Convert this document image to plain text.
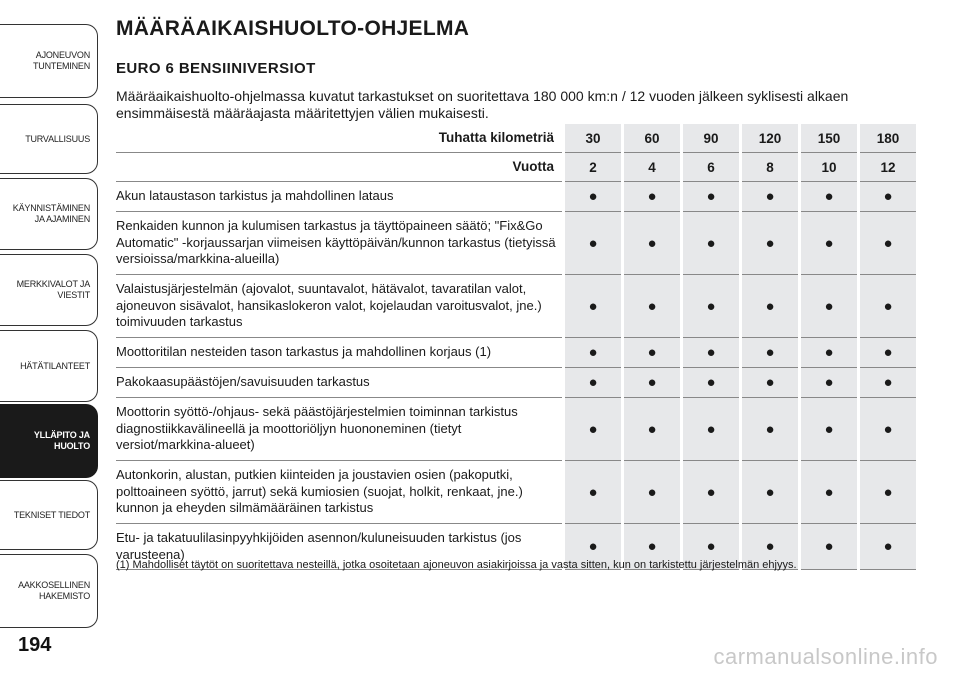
AJONEUVON
TUNTEMINEN
TURVALLISUUS
KÄYNNISTÄMINEN
JA AJAMINEN
MERKKIVALOT JA
VIESTIT
HÄTÄTILANTEET
YLLÄPITO JA
HUOLTO
TEKNISET TIEDOT
AAKKOSELLINEN
HAKEMISTO
194
MÄÄRÄAIKAISHUOLTO-OHJELMA
EURO 6 BENSIINIVERSIOT

Määräaikaishuolto-ohjelmassa kuvatut tarkastukset on suoritettava 180 000 km:n / 12 vuoden jälkeen syklisesti alkaen ensimmäisestä määräajasta määritettyjen välien mukaisesti.

Tuhatta kilometriä	30	60	90	120	150	180
Vuotta	2	4	6	8	10	12
Akun lataustason tarkistus ja mahdollinen lataus	●	●	●	●	●	●
Renkaiden kunnon ja kulumisen tarkastus ja täyttöpaineen säätö; "Fix&Go Automatic" -korjaussarjan viimeisen käyttöpäivän/kunnon tarkastus (tietyissä versioissa/markkina-alueilla)	●	●	●	●	●	●
Valaistusjärjestelmän (ajovalot, suuntavalot, hätävalot, tavaratilan valot, ajoneuvon sisävalot, hansikaslokeron valot, kojelaudan varoitusvalot, jne.) toimivuuden tarkastus	●	●	●	●	●	●
Moottoritilan nesteiden tason tarkastus ja mahdollinen korjaus (1)	●	●	●	●	●	●
Pakokaasupäästöjen/savuisuuden tarkastus	●	●	●	●	●	●
Moottorin syöttö-/ohjaus- sekä päästöjärjestelmien toiminnan tarkistus diagnostiikkavälineellä ja moottoriöljyn huononeminen (tietyt versiot/markkina-alueet)	●	●	●	●	●	●
Autonkorin, alustan, putkien kiinteiden ja joustavien osien (pakoputki, polttoaineen syöttö, jarrut) sekä kumiosien (suojat, holkit, renkaat, jne.) kunnon ja eheyden silmämääräinen tarkistus	●	●	●	●	●	●
Etu- ja takatuulilasinpyyhkijöiden asennon/kuluneisuuden tarkistus (jos varusteena)	●	●	●	●	●	●

(1) Mahdolliset täytöt on suoritettava nesteillä, jotka osoitetaan ajoneuvon asiakirjoissa ja vasta sitten, kun on tarkistettu järjestelmän ehjyys.

carmanualsonline.info
